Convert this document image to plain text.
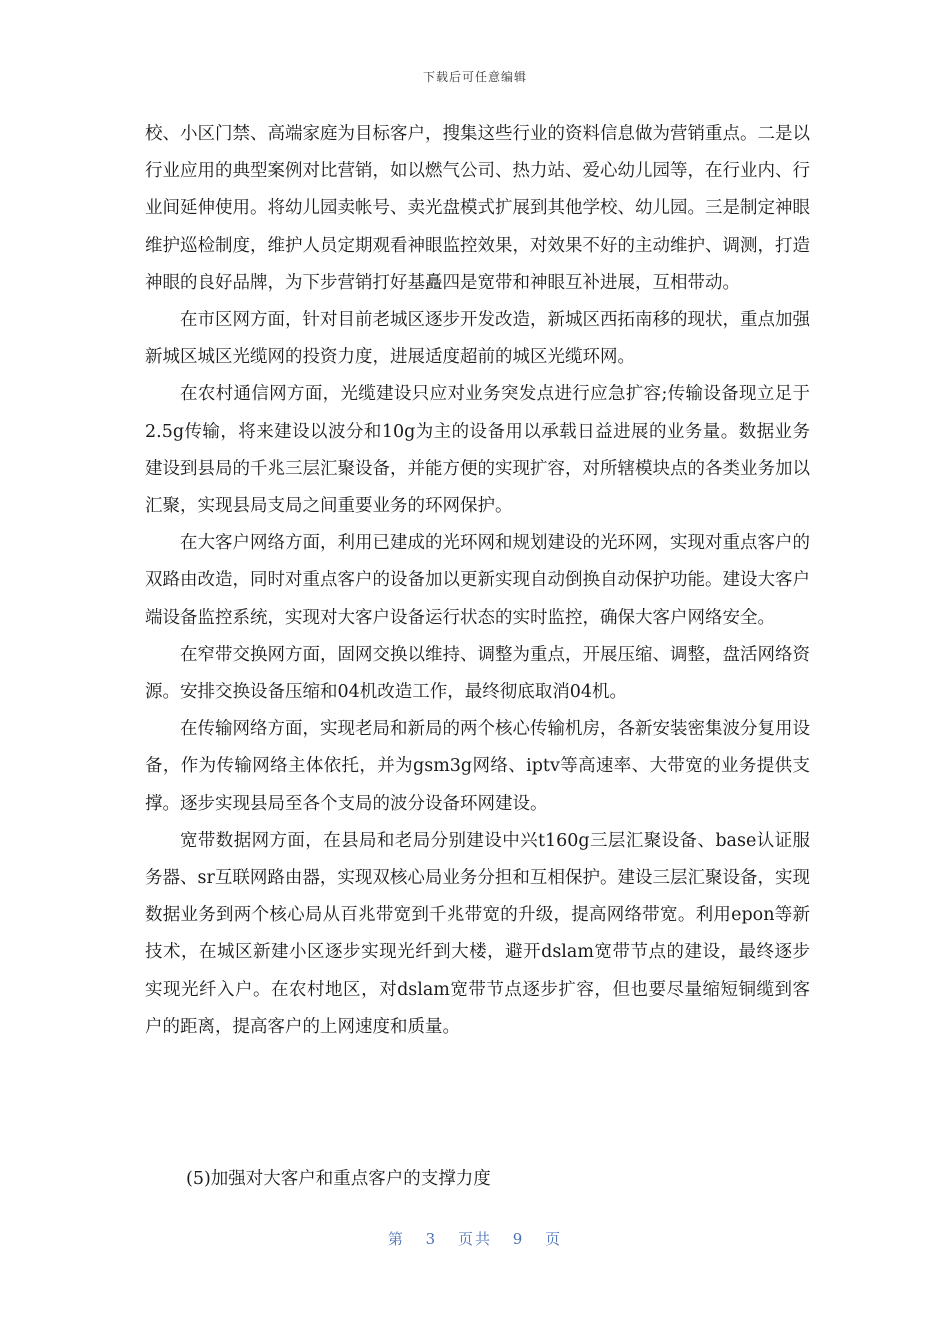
下载后可任意编辑

校、小区门禁、高端家庭为目标客户，搜集这些行业的资料信息做为营销重点。二是以行业应用的典型案例对比营销，如以燃气公司、热力站、爱心幼儿园等，在行业内、行业间延伸使用。将幼儿园卖帐号、卖光盘模式扩展到其他学校、幼儿园。三是制定神眼维护巡检制度，维护人员定期观看神眼监控效果，对效果不好的主动维护、调测，打造神眼的良好品牌，为下步营销打好基矗四是宽带和神眼互补进展，互相带动。

在市区网方面，针对目前老城区逐步开发改造，新城区西拓南移的现状，重点加强新城区城区光缆网的投资力度，进展适度超前的城区光缆环网。

在农村通信网方面，光缆建设只应对业务突发点进行应急扩容;传输设备现立足于2.5g传输，将来建设以波分和10g为主的设备用以承载日益进展的业务量。数据业务建设到县局的千兆三层汇聚设备，并能方便的实现扩容，对所辖模块点的各类业务加以汇聚，实现县局支局之间重要业务的环网保护。

在大客户网络方面，利用已建成的光环网和规划建设的光环网，实现对重点客户的双路由改造，同时对重点客户的设备加以更新实现自动倒换自动保护功能。建设大客户端设备监控系统，实现对大客户设备运行状态的实时监控，确保大客户网络安全。

在窄带交换网方面，固网交换以维持、调整为重点，开展压缩、调整，盘活网络资源。安排交换设备压缩和04机改造工作，最终彻底取消04机。

在传输网络方面，实现老局和新局的两个核心传输机房，各新安装密集波分复用设备，作为传输网络主体依托，并为gsm3g网络、iptv等高速率、大带宽的业务提供支撑。逐步实现县局至各个支局的波分设备环网建设。

宽带数据网方面，在县局和老局分别建设中兴t160g三层汇聚设备、base认证服务器、sr互联网路由器，实现双核心局业务分担和互相保护。建设三层汇聚设备，实现数据业务到两个核心局从百兆带宽到千兆带宽的升级，提高网络带宽。利用epon等新技术，在城区新建小区逐步实现光纤到大楼，避开dslam宽带节点的建设，最终逐步实现光纤入户。在农村地区，对dslam宽带节点逐步扩容，但也要尽量缩短铜缆到客户的距离，提高客户的上网速度和质量。

(5)加强对大客户和重点客户的支撑力度
第 3 页共 9 页
